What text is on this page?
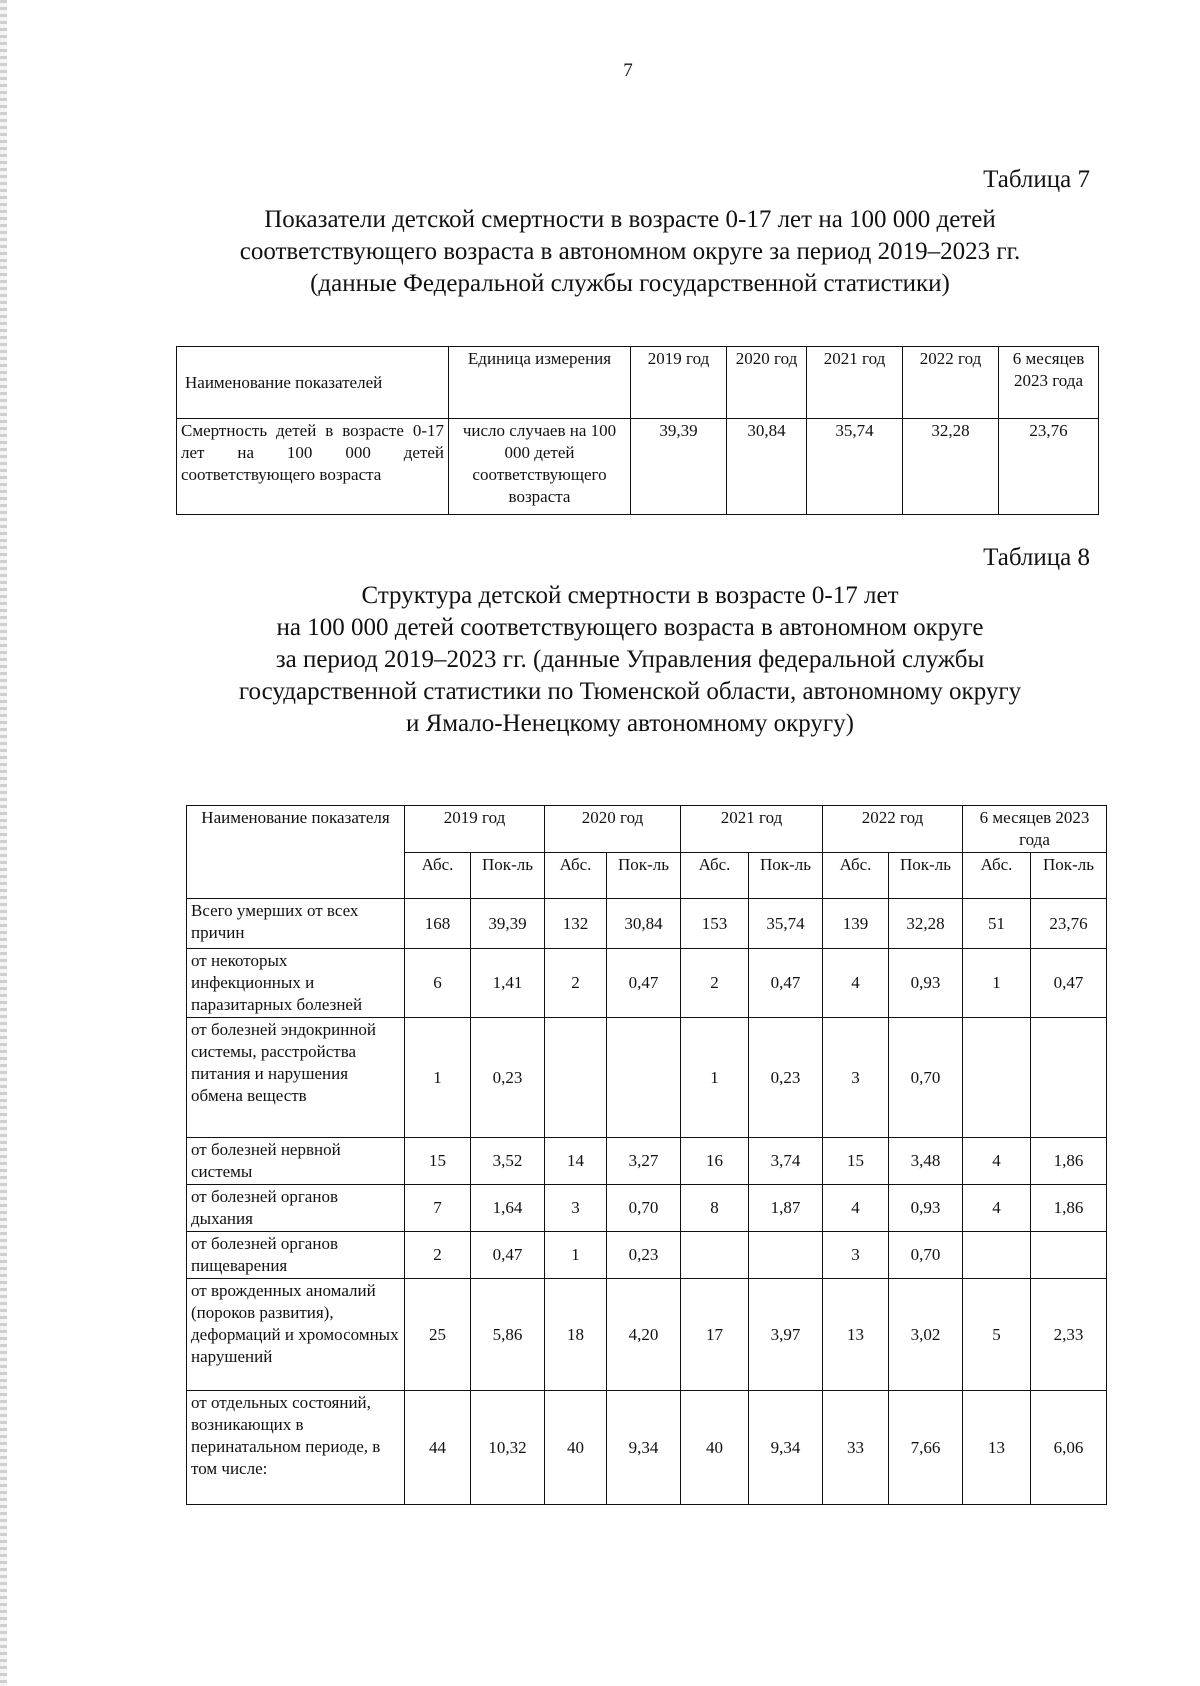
7
Таблица 7
Показатели детской смертности в возрасте 0-17 лет на 100 000 детей
соответствующего возраста в автономном округе за период 2019–2023 гг.
(данные Федеральной службы государственной статистики)
Наименование показателей	Единица измерения	2019 год	2020 год	2021 год	2022 год	6 месяцев 2023 года
Смертность детей в возрасте 0-17 лет на 100 000 детей соответствующего возраста	число случаев на 100 000 детей соответствующего возраста	39,39	30,84	35,74	32,28	23,76
Таблица 8
Структура детской смертности в возрасте 0-17 лет
на 100 000 детей соответствующего возраста в автономном округе
за период 2019–2023 гг. (данные Управления федеральной службы
государственной статистики по Тюменской области, автономному округу
и Ямало-Ненецкому автономному округу)
Наименование показателя	2019 год		2020 год		2021 год		2022 год		6 месяцев 2023 года	
	Абс.	Пок-ль	Абс.	Пок-ль	Абс.	Пок-ль	Абс.	Пок-ль	Абс.	Пок-ль
Всего умерших от всех причин	168	39,39	132	30,84	153	35,74	139	32,28	51	23,76
от некоторых инфекционных и паразитарных болезней	6	1,41	2	0,47	2	0,47	4	0,93	1	0,47
от болезней эндокринной системы, расстройства питания и нарушения обмена веществ	1	0,23			1	0,23	3	0,70		
от болезней нервной системы	15	3,52	14	3,27	16	3,74	15	3,48	4	1,86
от болезней органов дыхания	7	1,64	3	0,70	8	1,87	4	0,93	4	1,86
от болезней органов пищеварения	2	0,47	1	0,23			3	0,70		
от врожденных аномалий (пороков развития), деформаций и хромосомных нарушений	25	5,86	18	4,20	17	3,97	13	3,02	5	2,33
от отдельных состояний, возникающих в перинатальном периоде, в том числе:	44	10,32	40	9,34	40	9,34	33	7,66	13	6,06
